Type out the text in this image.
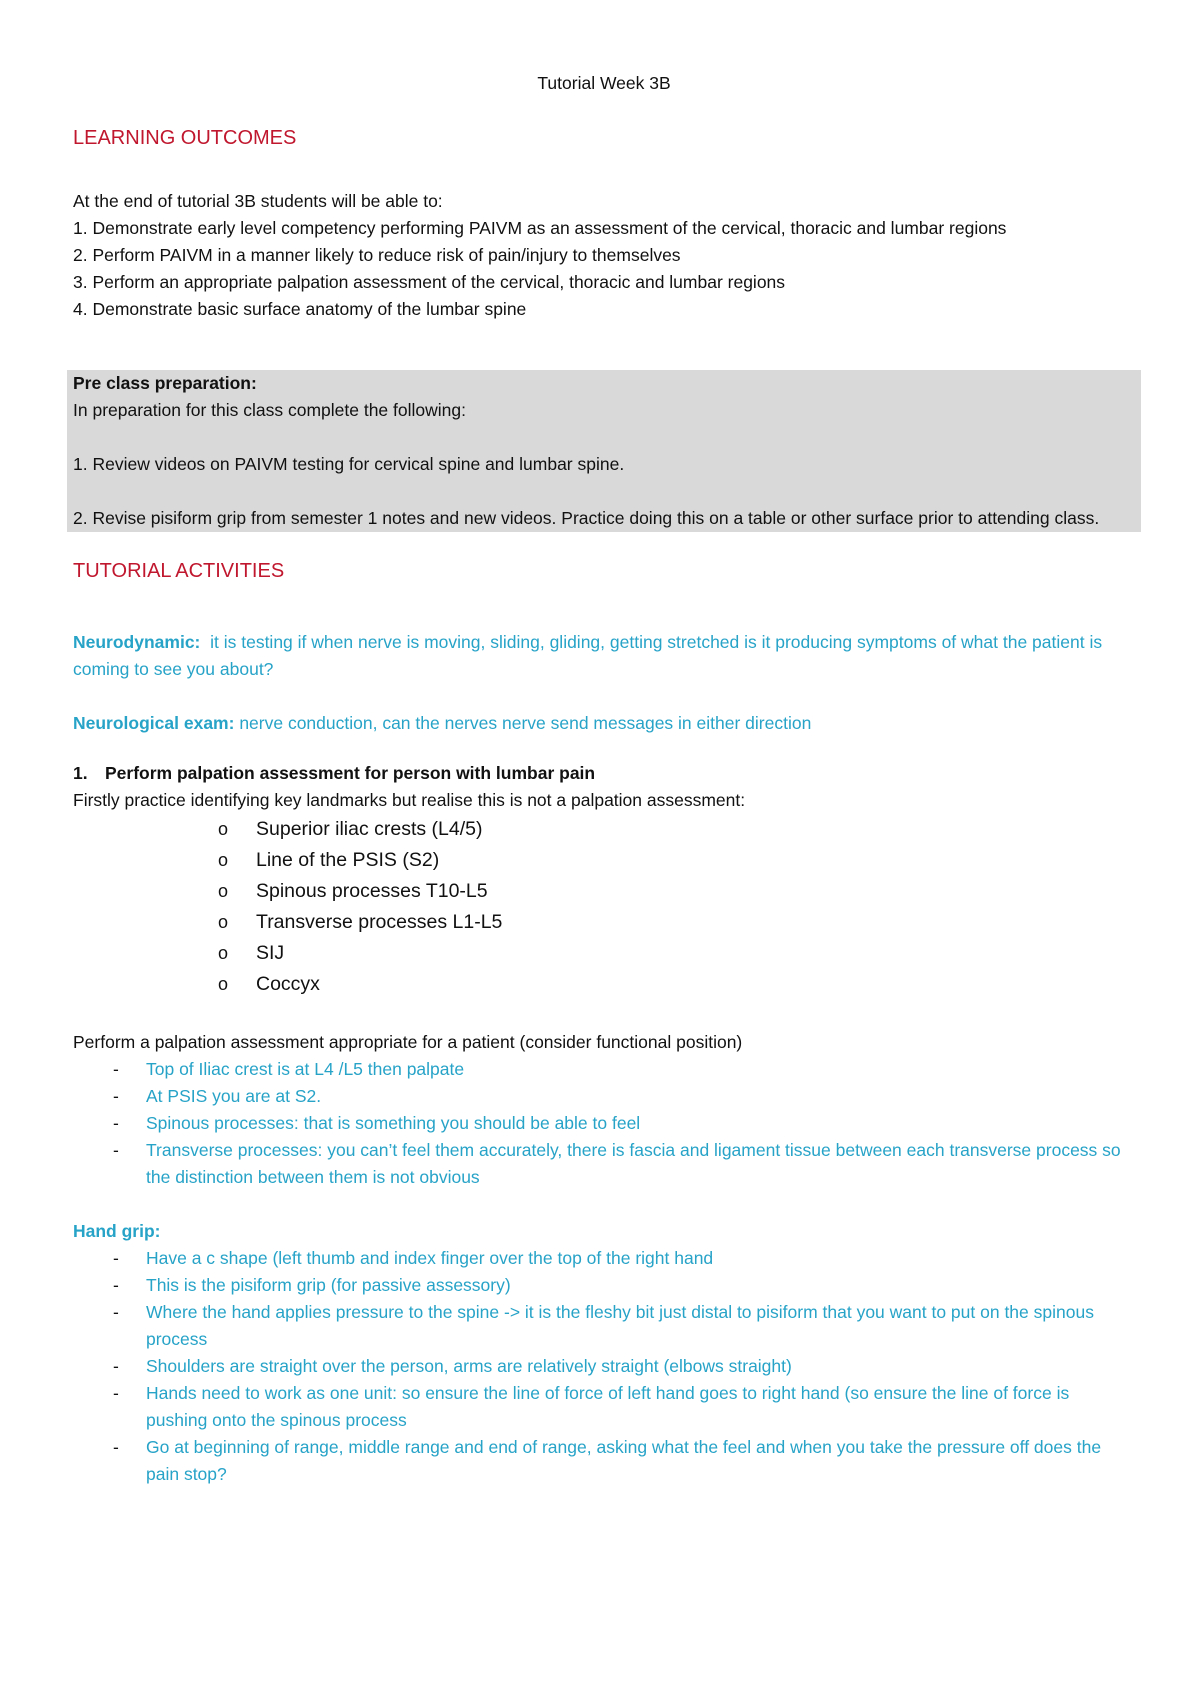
Tutorial Week 3B

LEARNING OUTCOMES

At the end of tutorial 3B students will be able to:

1. Demonstrate early level competency performing PAIVM as an assessment of the cervical, thoracic and lumbar regions

2. Perform PAIVM in a manner likely to reduce risk of pain/injury to themselves

3. Perform an appropriate palpation assessment of the cervical, thoracic and lumbar regions

4. Demonstrate basic surface anatomy of the lumbar spine

Pre class preparation:

In preparation for this class complete the following:

1. Review videos on PAIVM testing for cervical spine and lumbar spine.

2. Revise pisiform grip from semester 1 notes and new videos. Practice doing this on a table or other surface prior to attending class.

TUTORIAL ACTIVITIES

Neurodynamic:  it is testing if when nerve is moving, sliding, gliding, getting stretched is it producing symptoms of what the patient is coming to see you about?

Neurological exam: nerve conduction, can the nerves nerve send messages in either direction

1. Perform palpation assessment for person with lumbar pain

Firstly practice identifying key landmarks but realise this is not a palpation assessment:

o Superior iliac crests (L4/5)
o Line of the PSIS (S2)
o Spinous processes T10-L5
o Transverse processes L1-L5
o SIJ
o Coccyx

Perform a palpation assessment appropriate for a patient (consider functional position)

- Top of Iliac crest is at L4 /L5 then palpate
- At PSIS you are at S2.
- Spinous processes: that is something you should be able to feel
- Transverse processes: you can’t feel them accurately, there is fascia and ligament tissue between each transverse process so the distinction between them is not obvious

Hand grip:

- Have a c shape (left thumb and index finger over the top of the right hand
- This is the pisiform grip (for passive assessory)
- Where the hand applies pressure to the spine -> it is the fleshy bit just distal to pisiform that you want to put on the spinous process
- Shoulders are straight over the person, arms are relatively straight (elbows straight)
- Hands need to work as one unit: so ensure the line of force of left hand goes to right hand (so ensure the line of force is pushing onto the spinous process
- Go at beginning of range, middle range and end of range, asking what the feel and when you take the pressure off does the pain stop?
